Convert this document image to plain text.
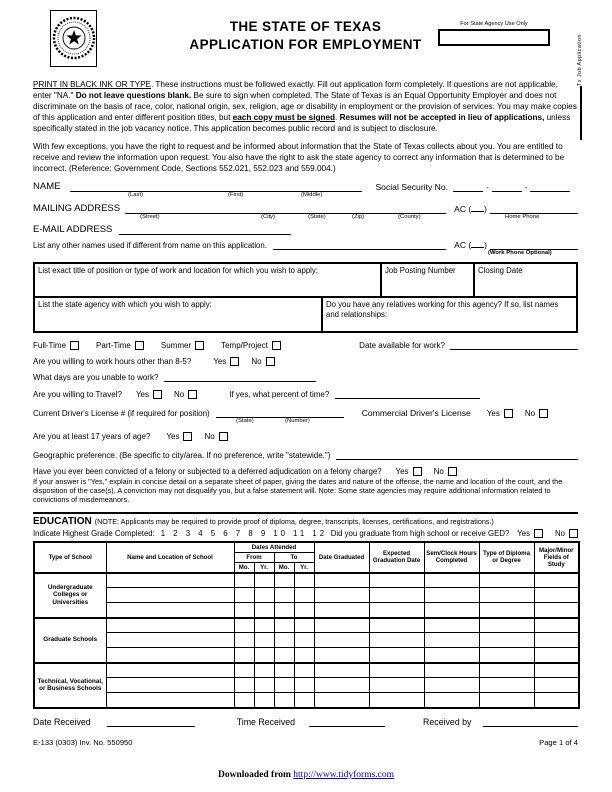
Tx Job Application
THE STATE OF TEXAS
APPLICATION FOR EMPLOYMENT
For State Agency Use Only

PRINT IN BLACK INK OR TYPE. These instructions must be followed exactly. Fill out application form completely. If questions are not applicable, enter "NA." Do not leave questions blank. Be sure to sign when completed. The State of Texas is an Equal Opportunity Employer and does not discriminate on the basis of race, color, national origin, sex, religion, age or disability in employment or the provision of services. You may make copies of this application and enter different position titles, but each copy must be signed. Resumes will not be accepted in lieu of applications, unless specifically stated in the job vacancy notice. This application becomes public record and is subject to disclosure.

With few exceptions, you have the right to request and be informed about information that the State of Texas collects about you. You are entitled to receive and review the information upon request. You also have the right to ask the state agency to correct any information that is determined to be incorrect. (Reference: Government Code, Sections 552.021, 552.023 and 559.004.)

NAME	Social Security No.	-	-
(Last)	(First)	(Middle)
MAILING ADDRESS	AC ( )
(Street)	(City)	(State)	(Zip)	(County)	Home Phone
E-MAIL ADDRESS
List any other names used if different from name on this application.	AC ( )
(Work Phone Optional)
List exact title of position or type of work and location for which you wish to apply:	Job Posting Number	Closing Date
List the state agency with which you wish to apply:	Do you have any relatives working for this agency? If so, list names and relationships:
Full-Time	Part-Time	Summer	Temp/Project	Date available for work?
Are you willing to work hours other than 8-5?	Yes	No
What days are you unable to work?
Are you willing to Travel? Yes	No	If yes, what percent of time?
Current Driver's License # (if required for position)	Commercial Driver's License Yes	No
(State)	(Number)
Are you at least 17 years of age? Yes	No
Geographic preference. (Be specific to city/area. If no preference, write "statewide.")
Have you ever been convicted of a felony or subjected to a deferred adjudication on a felony charge? Yes	No

If your answer is "Yes," explain in concise detail on a separate sheet of paper, giving the dates and nature of the offense, the name and location of the court, and the disposition of the case(s). A conviction may not disqualify you, but a false statement will. Note: Some state agencies may require additional information related to convictions of misdemeanors.

EDUCATION (NOTE: Applicants may be required to provide proof of diploma, degree, transcripts, licenses, certifications, and registrations.)
Indicate Highest Grade Completed: 1 2 3 4 5 6 7 8 9 10 11 12 Did you graduate from high school or receive GED? Yes	No
Type of School	Name and Location of School	Dates Attended				Date Graduated	Expected Graduation Date	Sem/Clock Hours Completed	Type of Diploma or Degree	Major/Minor Fields of Study
		From		To						
		Mo.	Yr.	Mo.	Yr.					
Undergraduate Colleges or Universities										

Graduate Schools										

Technical, Vocational, or Business Schools										

Date Received	Time Received	Received by
E-133 (0303) Inv. No. 550950	Page 1 of 4
Downloaded from http://www.tidyforms.com
